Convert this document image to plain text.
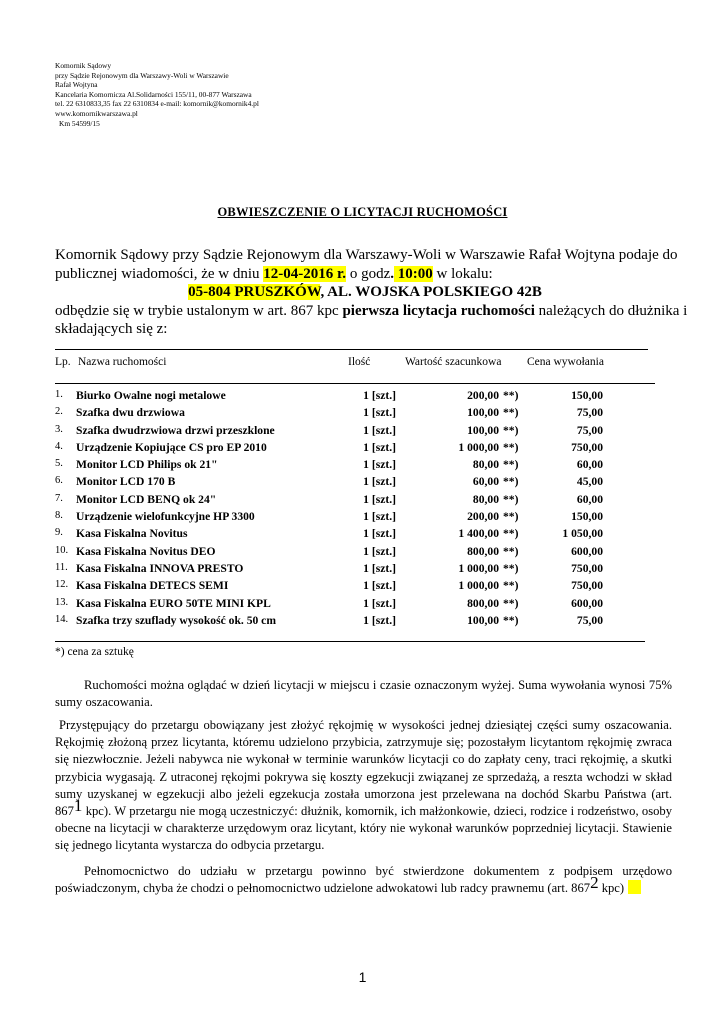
Komornik Sądowy
przy Sądzie Rejonowym dla Warszawy-Woli w Warszawie
Rafał Wojtyna
Kancelaria Komornicza Al.Solidarności 155/11, 00-877 Warszawa
tel. 22 6310833,35 fax 22 6310834 e-mail: komornik@komornik4.pl
www.komornikwarszawa.pl
Km 54599/15
OBWIESZCZENIE O LICYTACJI RUCHOMOŚCI
Komornik Sądowy przy Sądzie Rejonowym dla Warszawy-Woli w Warszawie Rafał Wojtyna podaje do
publicznej wiadomości, że w dniu 12-04-2016 r. o godz. 10:00 w lokalu:
05-804 PRUSZKÓW, AL. WOJSKA POLSKIEGO 42B
odbędzie się w trybie ustalonym w art. 867 kpc pierwsza licytacja ruchomości należących do dłużnika i
składających się z:
Lp. Nazwa ruchomości	Ilość	Wartość szacunkowa Cena wywołania
1. Biurko Owalne nogi metalowe	1 [szt.]	200,00 **)	150,00
2. Szafka dwu drzwiowa	1 [szt.]	100,00 **)	75,00
3. Szafka dwudrzwiowa drzwi przeszklone	1 [szt.]	100,00 **)	75,00
4. Urządzenie Kopiujące CS pro EP 2010	1 [szt.]	1 000,00 **)	750,00
5. Monitor LCD Philips ok 21"	1 [szt.]	80,00 **)	60,00
6. Monitor LCD 170 B	1 [szt.]	60,00 **)	45,00
7. Monitor LCD BENQ ok 24"	1 [szt.]	80,00 **)	60,00
8. Urządzenie wielofunkcyjne HP 3300	1 [szt.]	200,00 **)	150,00
9. Kasa Fiskalna Novitus	1 [szt.]	1 400,00 **)	1 050,00
10. Kasa Fiskalna Novitus DEO	1 [szt.]	800,00 **)	600,00
11. Kasa Fiskalna INNOVA PRESTO	1 [szt.]	1 000,00 **)	750,00
12. Kasa Fiskalna DETECS SEMI	1 [szt.]	1 000,00 **)	750,00
13. Kasa Fiskalna EURO 50TE MINI KPL	1 [szt.]	800,00 **)	600,00
14. Szafka trzy szuflady wysokość ok. 50 cm	1 [szt.]	100,00 **)	75,00
*) cena za sztukę
Ruchomości można oglądać w dzień licytacji w miejscu i czasie oznaczonym wyżej. Suma wywołania wynosi 75% sumy oszacowania.
Przystępujący do przetargu obowiązany jest złożyć rękojmię w wysokości jednej dziesiątej części sumy oszacowania. Rękojmię złożoną przez licytanta, któremu udzielono przybicia, zatrzymuje się; pozostałym licytantom rękojmię zwraca się niezwłocznie. Jeżeli nabywca nie wykonał w terminie warunków licytacji co do zapłaty ceny, traci rękojmię, a skutki przybicia wygasają. Z utraconej rękojmi pokrywa się koszty egzekucji związanej ze sprzedażą, a reszta wchodzi w skład sumy uzyskanej w egzekucji albo jeżeli egzekucja została umorzona jest przelewana na dochód Skarbu Państwa (art. 8671 kpc). W przetargu nie mogą uczestniczyć: dłużnik, komornik, ich małżonkowie, dzieci, rodzice i rodzeństwo, osoby obecne na licytacji w charakterze urzędowym oraz licytant, który nie wykonał warunków poprzedniej licytacji. Stawienie się jednego licytanta wystarcza do odbycia przetargu.
Pełnomocnictwo do udziału w przetargu powinno być stwierdzone dokumentem z podpisem urzędowo poświadczonym, chyba że chodzi o pełnomocnictwo udzielone adwokatowi lub radcy prawnemu (art. 8672 kpc)
1
